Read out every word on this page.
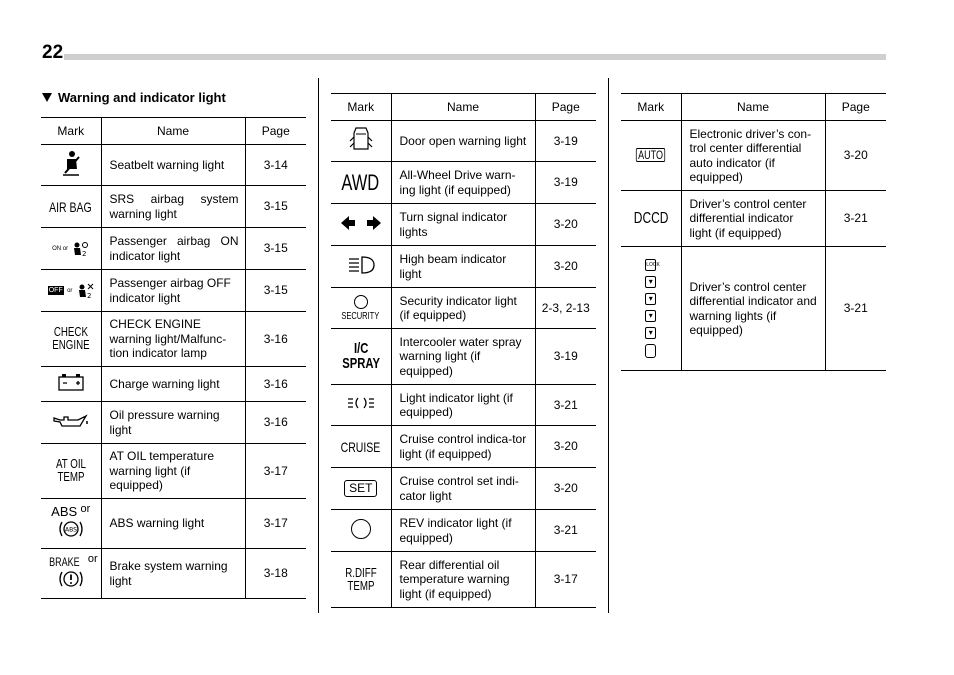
22
Warning and indicator light
Mark	Name	Page
	Seatbelt warning light	3-14
AIR BAG	SRS airbag system warning light	3-15
ON or
2	Passenger airbag ON indicator light	3-15
OFF or
2	Passenger airbag OFF indicator light	3-15

CHECK
ENGINE	CHECK ENGINE warning light/Malfunc-tion indicator lamp	3-16
	Charge warning light	3-16
	Oil pressure warning light	3-16

AT OIL
TEMP	AT OIL temperature warning light (if equipped)	3-17

ABS or
ABS	ABS warning light	3-17

BRAKE or	Brake system warning light	3-18
Mark	Name	Page
	Door open warning light	3-19
AWD	All-Wheel Drive warn-ing light (if equipped)	3-19
	Turn signal indicator lights	3-20
	High beam indicator light	3-20

SECURITY	Security indicator light (if equipped)	2-3, 2-13

I/C
SPRAY	Intercooler water spray warning light (if equipped)	3-19
	Light indicator light (if equipped)	3-21
CRUISE	Cruise control indica-tor light (if equipped)	3-20
SET	Cruise control set indi-cator light	3-20
	REV indicator light (if equipped)	3-21

R.DIFF
TEMP	Rear differential oil temperature warning light (if equipped)	3-17
Mark	Name	Page
AUTO	Electronic driver’s con-trol center differential auto indicator (if equipped)	3-20
DCCD	Driver’s control center differential indicator light (if equipped)	3-21

LOCK
▾
▾
▾
▾	Driver’s control center differential indicator and warning lights (if equipped)	3-21
